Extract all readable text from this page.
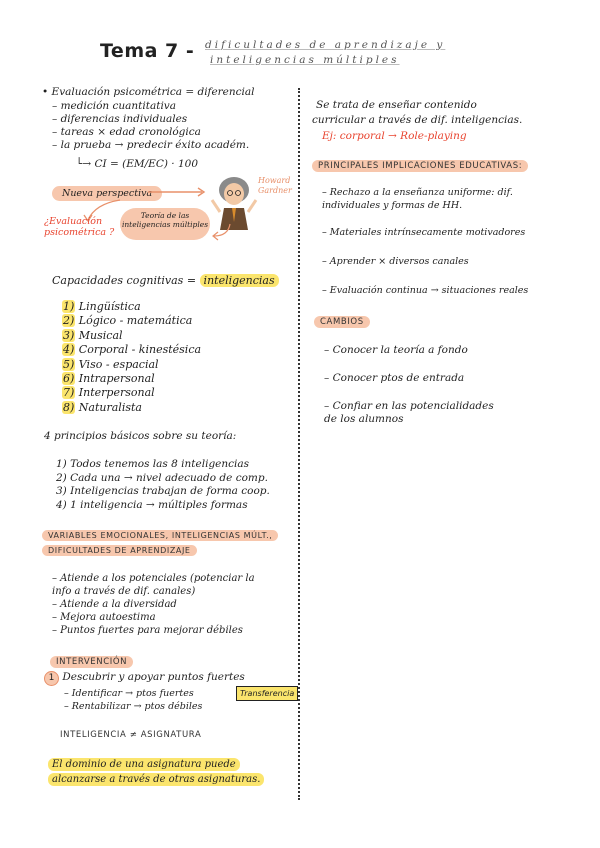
Tema 7 - dificultades de aprendizaje y
inteligencias múltiples
• Evaluación psicométrica = diferencial
– medición cuantitativa
– diferencias individuales
– tareas × edad cronológica
– la prueba → predecir éxito académ.
└→ CI = (EM/EC) · 100
Nueva perspectiva
¿Evaluación psicométrica ?
Teoría de las inteligencias múltiples
Howard Gardner
Capacidades cognitivas = inteligencias
1) Lingüística
2) Lógico - matemática
3) Musical
4) Corporal - kinestésica
5) Viso - espacial
6) Intrapersonal
7) Interpersonal
8) Naturalista
4 principios básicos sobre su teoría:
1) Todos tenemos las 8 inteligencias
2) Cada una → nivel adecuado de comp.
3) Inteligencias trabajan de forma coop.
4) 1 inteligencia → múltiples formas
VARIABLES EMOCIONALES, INTELIGENCIAS MÚLT.,
DIFICULTADES DE APRENDIZAJE
– Atiende a los potenciales (potenciar la
info a través de dif. canales)
– Atiende a la diversidad
– Mejora autoestima
– Puntos fuertes para mejorar débiles
INTERVENCIÓN
1 Descubrir y apoyar puntos fuertes
– Identificar → ptos fuertes
– Rentabilizar → ptos débiles
Transferencia
INTELIGENCIA ≠ ASIGNATURA
El dominio de una asignatura puede
alcanzarse a través de otras asignaturas.
Se trata de enseñar contenido
curricular a través de dif. inteligencias.
Ej: corporal → Role-playing
PRINCIPALES IMPLICACIONES EDUCATIVAS:
– Rechazo a la enseñanza uniforme: dif.
individuales y formas de HH.
– Materiales intrínsecamente motivadores
– Aprender × diversos canales
– Evaluación continua → situaciones reales
CAMBIOS
– Conocer la teoría a fondo
– Conocer ptos de entrada
– Confiar en las potencialidades
de los alumnos
